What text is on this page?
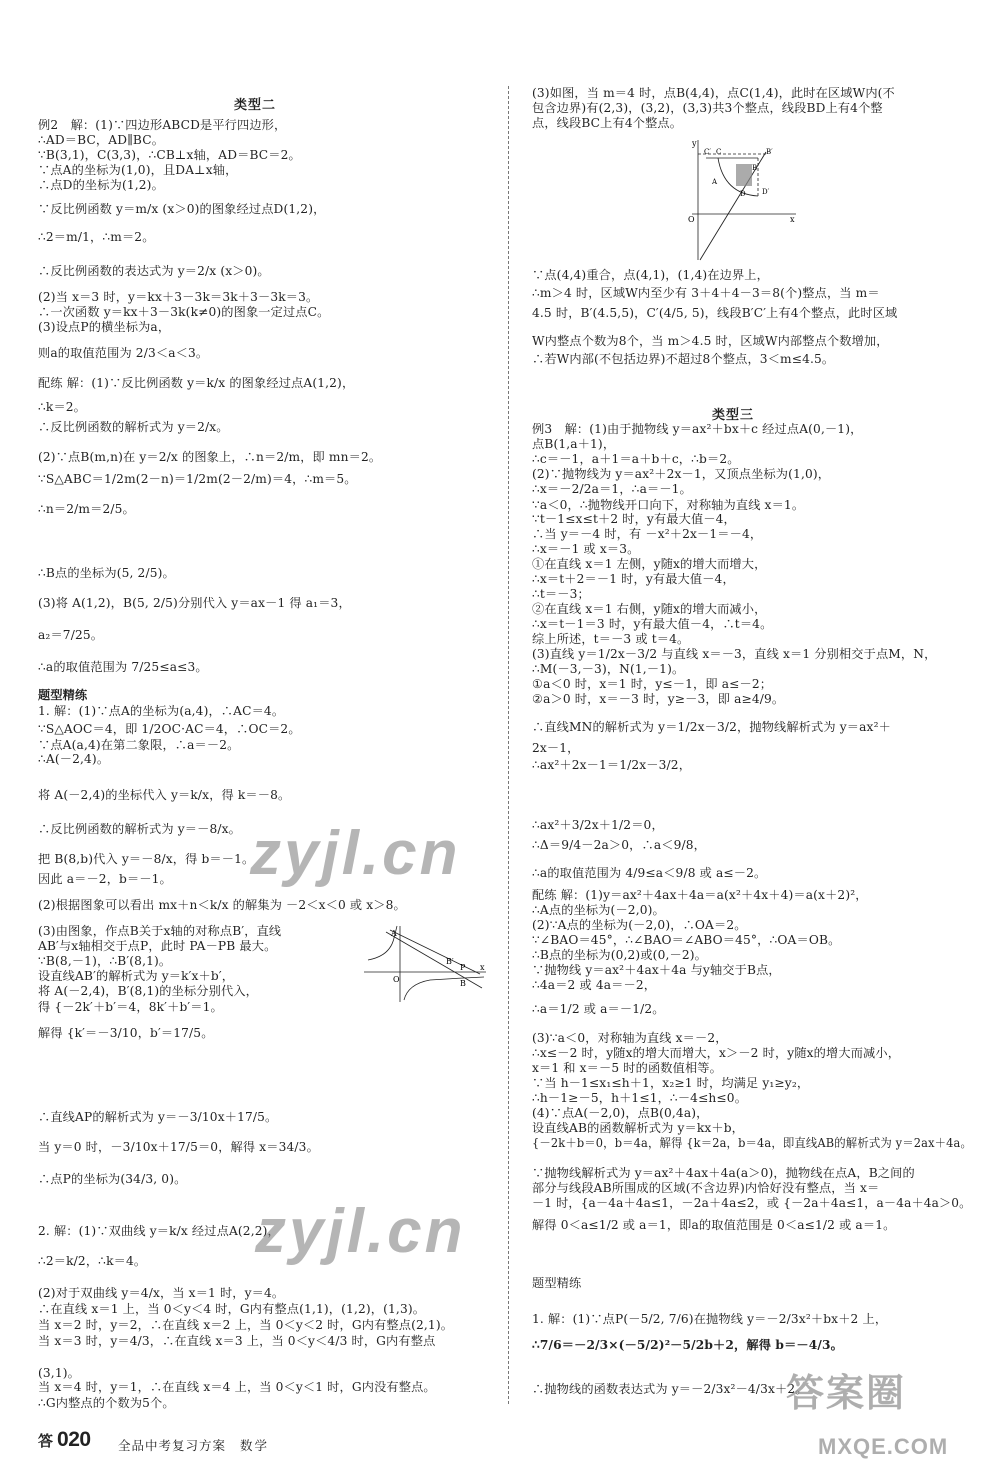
类型二
例2　解：(1)∵四边形ABCD是平行四边形，
∴AD＝BC，AD∥BC。
∵B(3,1)，C(3,3)，∴CB⊥x轴，AD＝BC＝2。
∵点A的坐标为(1,0)，且DA⊥x轴，
∴点D的坐标为(1,2)。
∵反比例函数 y＝m/x (x＞0)的图象经过点D(1,2)，
∴2＝m/1，∴m＝2。
∴反比例函数的表达式为 y＝2/x (x＞0)。
(2)当 x＝3 时，y＝kx＋3－3k＝3k＋3－3k＝3。
∴一次函数 y＝kx＋3－3k(k≠0)的图象一定过点C。
(3)设点P的横坐标为a，
则a的取值范围为 2/3＜a＜3。
配练 解：(1)∵反比例函数 y＝k/x 的图象经过点A(1,2)，
∴k＝2。
∴反比例函数的解析式为 y＝2/x。
(2)∵点B(m,n)在 y＝2/x 的图象上，∴n＝2/m，即 mn＝2。
∵S△ABC＝1/2m(2－n)＝1/2m(2－2/m)＝4，∴m＝5。
∴n＝2/m＝2/5。
∴B点的坐标为(5, 2/5)。
(3)将 A(1,2)，B(5, 2/5)分别代入 y＝ax－1 得 a₁＝3，
a₂＝7/25。
∴a的取值范围为 7/25≤a≤3。
题型精练
1. 解：(1)∵点A的坐标为(a,4)，∴AC＝4。
∵S△AOC＝4，即 1/2OC·AC＝4，∴OC＝2。
∵点A(a,4)在第二象限，∴a＝－2。
∴A(－2,4)。
将 A(－2,4)的坐标代入 y＝k/x，得 k＝－8。
∴反比例函数的解析式为 y＝－8/x。
把 B(8,b)代入 y＝－8/x，得 b＝－1。
因此 a＝－2，b＝－1。
(2)根据图象可以看出 mx＋n＜k/x 的解集为 －2＜x＜0 或 x＞8。
(3)由图象，作点B关于x轴的对称点B′，直线
AB′与x轴相交于点P，此时 PA－PB 最大。
∵B(8,－1)，∴B′(8,1)。
设直线AB′的解析式为 y＝k′x＋b′，
将 A(－2,4)，B′(8,1)的坐标分别代入，
得 {－2k′＋b′＝4，8k′＋b′＝1。
解得 {k′＝－3/10，b′＝17/5。
∴直线AP的解析式为 y＝－3/10x＋17/5。
当 y＝0 时，－3/10x＋17/5＝0，解得 x＝34/3。
∴点P的坐标为(34/3, 0)。
2. 解：(1)∵双曲线 y＝k/x 经过点A(2,2)，
∴2＝k/2，∴k＝4。
(2)对于双曲线 y＝4/x，当 x＝1 时，y＝4。
∴在直线 x＝1 上，当 0＜y＜4 时，G内有整点(1,1)，(1,2)，(1,3)。
当 x＝2 时，y＝2，∴在直线 x＝2 上，当 0＜y＜2 时，G内有整点(2,1)。
当 x＝3 时，y＝4/3，∴在直线 x＝3 上，当 0＜y＜4/3 时，G内有整点
(3,1)。
当 x＝4 时，y＝1，∴在直线 x＝4 上，当 0＜y＜1 时，G内没有整点。
∴G内整点的个数为5个。
A
O
B′
P
B
x
y
C′ C	B′
B
A
D D′
O	x
类型三
(3)如图，当 m＝4 时，点B(4,4)，点C(1,4)，此时在区域W内(不
包含边界)有(2,3)，(3,2)，(3,3)共3个整点，线段BD上有4个整
点，线段BC上有4个整点。
∵点(4,4)重合，点(4,1)，(1,4)在边界上，
∴m＞4 时，区域W内至少有 3＋4＋4－3＝8(个)整点，当 m＝
4.5 时，B′(4.5,5)，C′(4/5, 5)，线段B′C′上有4个整点，此时区域
W内整点个数为8个，当 m＞4.5 时，区域W内部整点个数增加，
∴若W内部(不包括边界)不超过8个整点，3＜m≤4.5。
例3　解：(1)由于抛物线 y＝ax²＋bx＋c 经过点A(0,－1)，
点B(1,a＋1)，
∴c＝－1，a＋1＝a＋b＋c，∴b＝2。
(2)∵抛物线为 y＝ax²＋2x－1，又顶点坐标为(1,0)，
∴x＝－2/2a＝1，∴a＝－1。
∵a＜0，∴抛物线开口向下，对称轴为直线 x＝1。
∵t－1≤x≤t＋2 时，y有最大值－4，
∴当 y＝－4 时，有 －x²＋2x－1＝－4，
∴x＝－1 或 x＝3。
①在直线 x＝1 左侧，y随x的增大而增大，
∴x＝t＋2＝－1 时，y有最大值－4，
∴t＝－3；
②在直线 x＝1 右侧，y随x的增大而减小，
∴x＝t－1＝3 时，y有最大值－4，∴t＝4。
综上所述，t＝－3 或 t＝4。
(3)直线 y＝1/2x－3/2 与直线 x＝－3，直线 x＝1 分别相交于点M，N，
∴M(－3,－3)，N(1,－1)。
①a＜0 时，x＝1 时，y≤－1，即 a≤－2；
②a＞0 时，x＝－3 时，y≥－3，即 a≥4/9。
∴直线MN的解析式为 y＝1/2x－3/2，抛物线解析式为 y＝ax²＋
2x－1，
∴ax²＋2x－1＝1/2x－3/2，
∴ax²＋3/2x＋1/2＝0，
∴Δ＝9/4－2a＞0，∴a＜9/8，
∴a的取值范围为 4/9≤a＜9/8 或 a≤－2。
配练 解：(1)y＝ax²＋4ax＋4a＝a(x²＋4x＋4)＝a(x＋2)²，
∴A点的坐标为(－2,0)。
(2)∵A点的坐标为(－2,0)，∴OA＝2。
∵∠BAO＝45°，∴∠BAO＝∠ABO＝45°，∴OA＝OB。
∴B点的坐标为(0,2)或(0,－2)。
∵抛物线 y＝ax²＋4ax＋4a 与y轴交于B点，
∴4a＝2 或 4a＝－2，
∴a＝1/2 或 a＝－1/2。
(3)∵a＜0，对称轴为直线 x＝－2，
∴x≤－2 时，y随x的增大而增大，x＞－2 时，y随x的增大而减小，
x＝1 和 x＝－5 时的函数值相等。
∵当 h－1≤x₁≤h＋1，x₂≥1 时，均满足 y₁≥y₂，
∴h－1≥－5，h＋1≤1，∴－4≤h≤0。
(4)∵点A(－2,0)，点B(0,4a)，
设直线AB的函数解析式为 y＝kx＋b，
{－2k＋b＝0，b＝4a，解得 {k＝2a，b＝4a，即直线AB的解析式为 y＝2ax＋4a。
∵抛物线解析式为 y＝ax²＋4ax＋4a(a＞0)，抛物线在点A，B之间的
部分与线段AB所围成的区域(不含边界)内恰好没有整点，当 x＝
－1 时，{a－4a＋4a≤1，－2a＋4a≤2，或 {－2a＋4a≤1，a－4a＋4a＞0。
解得 0＜a≤1/2 或 a＝1，即a的取值范围是 0＜a≤1/2 或 a＝1。
题型精练
1. 解：(1)∵点P(－5/2, 7/6)在抛物线 y＝－2/3x²＋bx＋2 上，
∴7/6＝－2/3×(－5/2)²－5/2b＋2，解得 b＝－4/3。
∴抛物线的函数表达式为 y＝－2/3x²－4/3x＋2。
zyjl.cn
zyjl.cn
答案圈
MXQE.COM
答 020 全品中考复习方案 数学
